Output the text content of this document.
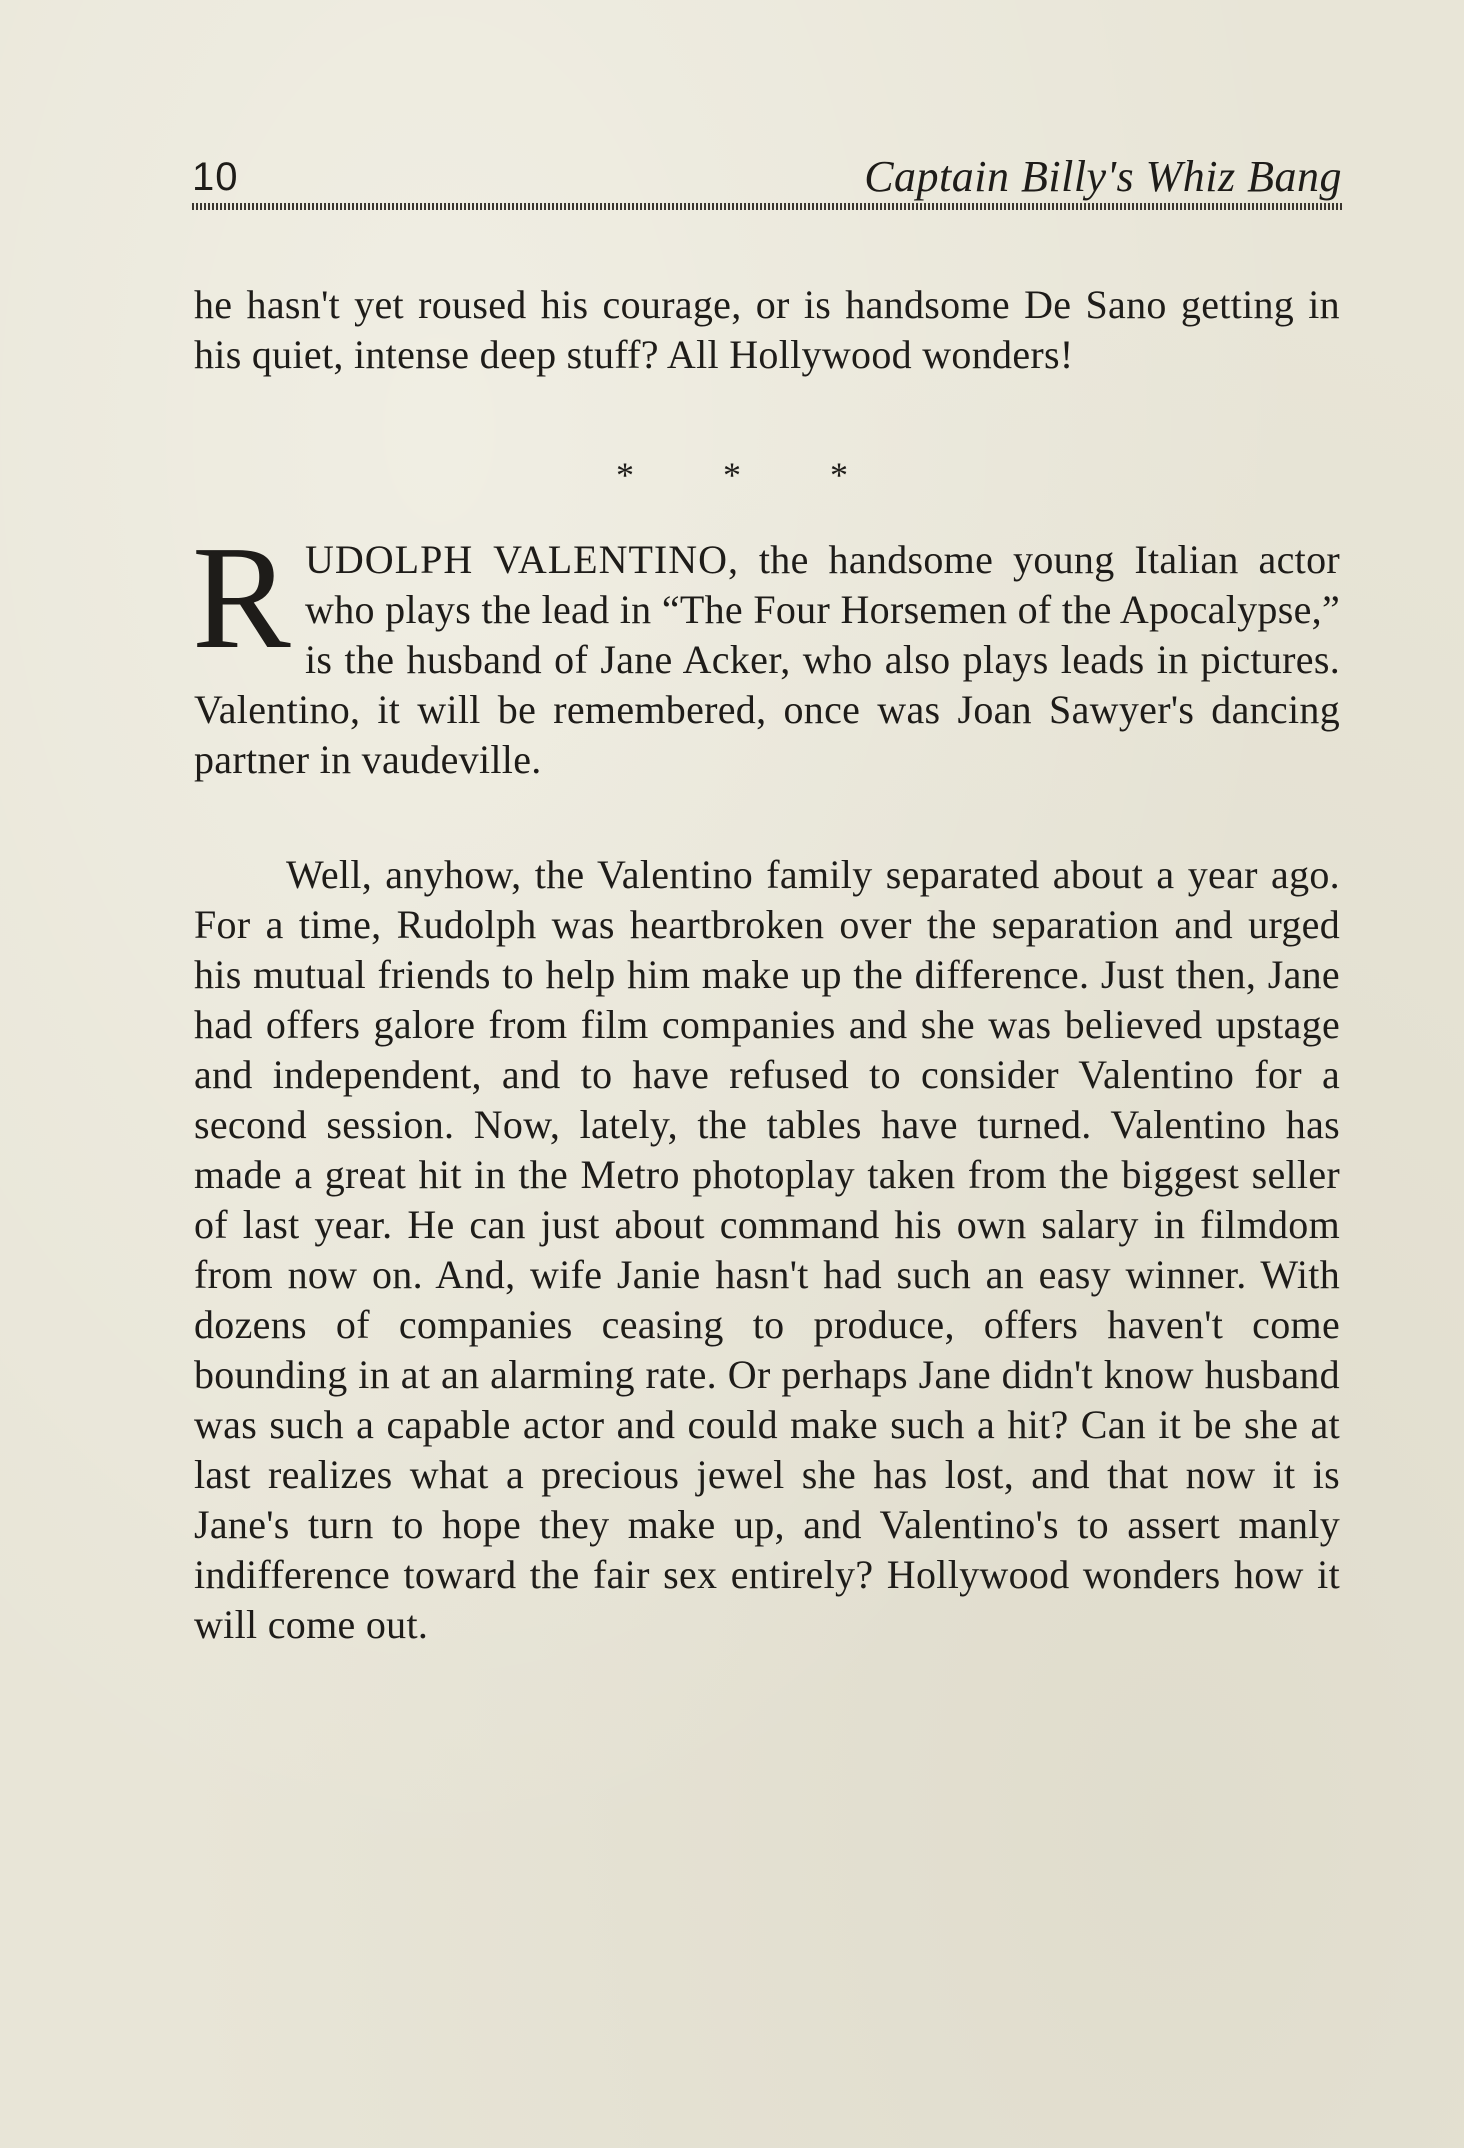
10	Captain Billy's Whiz Bang

he hasn't yet roused his courage, or is handsome De Sano getting in his quiet, intense deep stuff? All Hollywood wonders!

* * *

RUDOLPH VALENTINO, the handsome young Italian actor who plays the lead in “The Four Horsemen of the Apocalypse,” is the husband of Jane Acker, who also plays leads in pictures. Valentino, it will be remembered, once was Joan Sawyer's dancing partner in vaudeville.

Well, anyhow, the Valentino family separated about a year ago. For a time, Rudolph was heartbroken over the separation and urged his mutual friends to help him make up the difference. Just then, Jane had offers galore from film companies and she was believed upstage and independent, and to have refused to consider Valentino for a second session. Now, lately, the tables have turned. Valentino has made a great hit in the Metro photoplay taken from the biggest seller of last year. He can just about command his own salary in filmdom from now on. And, wife Janie hasn't had such an easy winner. With dozens of companies ceasing to produce, offers haven't come bounding in at an alarming rate. Or perhaps Jane didn't know husband was such a capable actor and could make such a hit? Can it be she at last realizes what a precious jewel she has lost, and that now it is Jane's turn to hope they make up, and Valentino's to assert manly indifference toward the fair sex entirely? Hollywood wonders how it will come out.
